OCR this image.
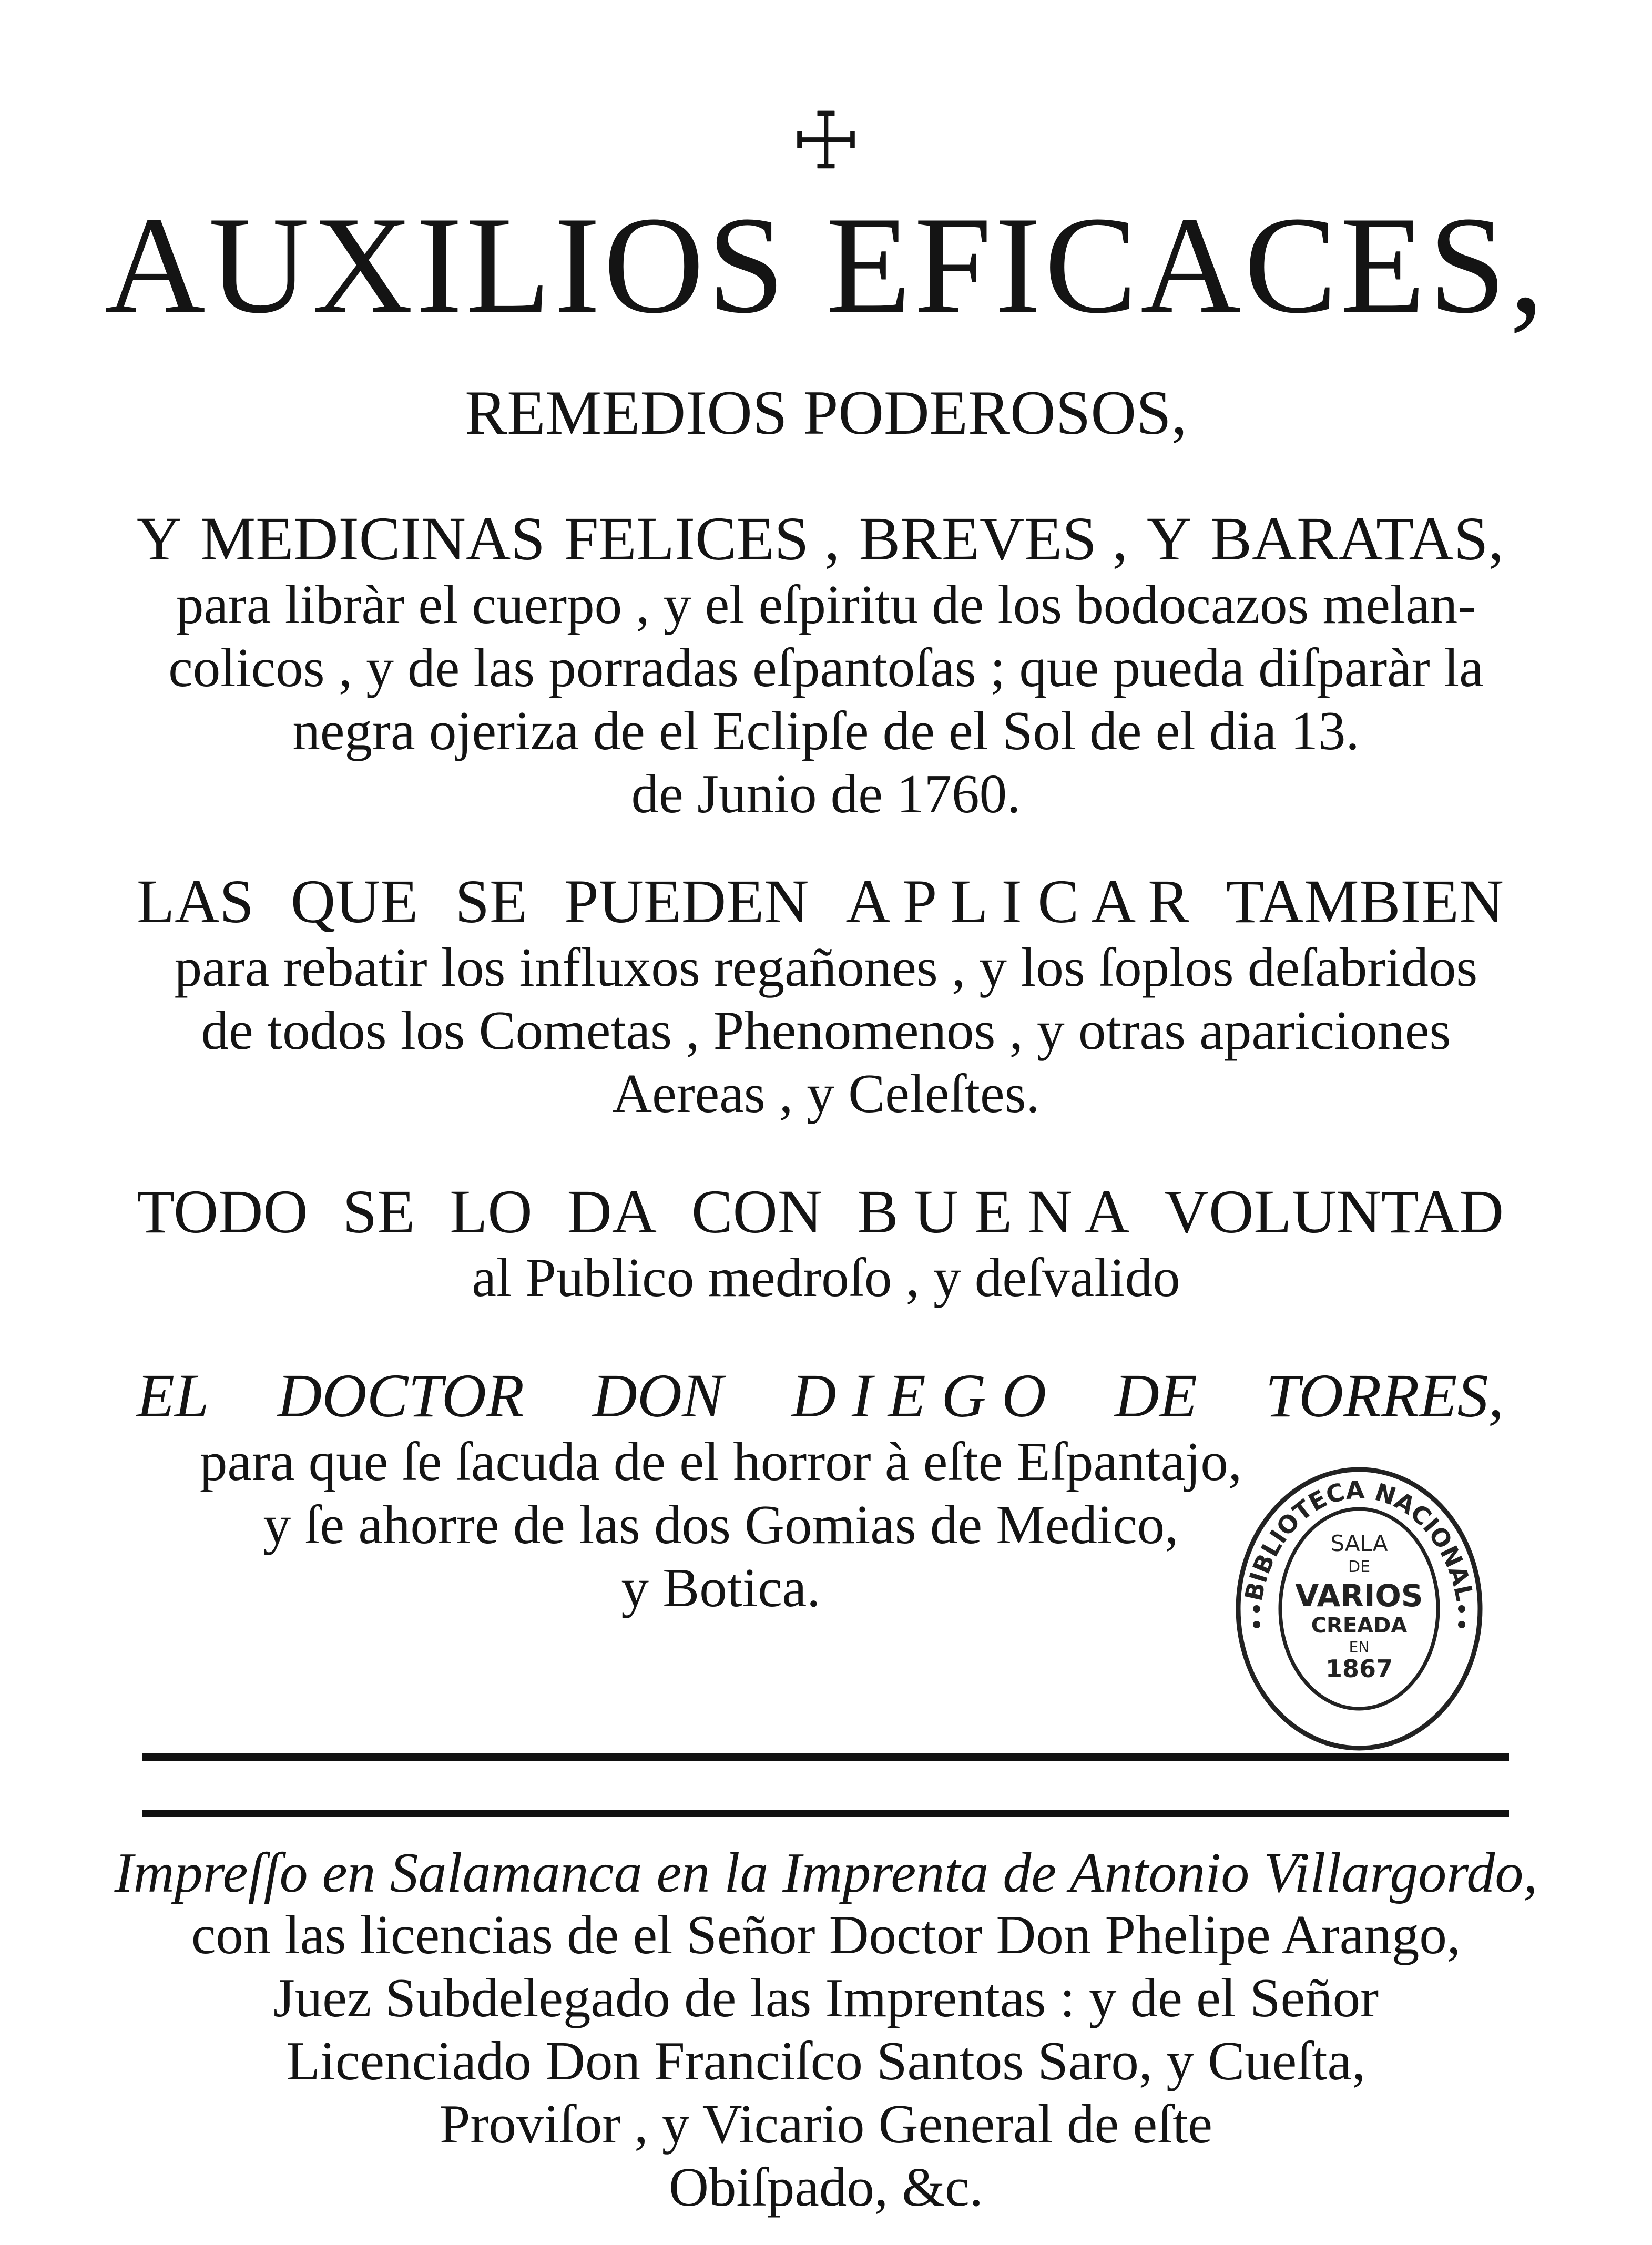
☩
AUXILIOS EFICACES,
REMEDIOS PODEROSOS,
Y MEDICINAS FELICES , BREVES , Y BARATAS,
para libràr el cuerpo , y el eſpiritu de los bodocazos melan-
colicos , y de las porradas eſpantoſas ; que pueda diſparàr la
negra ojeriza de el Eclipſe de el Sol de el dia 13.
de Junio de 1760.
LAS QUE SE PUEDEN A P L I C A R TAMBIEN
para rebatir los influxos regañones , y los ſoplos deſabridos
de todos los Cometas , Phenomenos , y otras apariciones
Aereas , y Celeſtes.
TODO SE LO DA CON B U E N A VOLUNTAD
al Publico medroſo , y deſvalido
EL DOCTOR DON D I E G O DE TORRES,
para que ſe ſacuda de el horror à eſte Eſpantajo,
y ſe ahorre de las dos Gomias de Medico,
y Botica.	BIBLIOTECA NACIONAL
SALA
DE
VARIOS
CREADA
EN
1867
Impreſſo en Salamanca en la Imprenta de Antonio Villargordo,
con las licencias de el Señor Doctor Don Phelipe Arango,
Juez Subdelegado de las Imprentas : y de el Señor
Licenciado Don Franciſco Santos Saro, y Cueſta,
Proviſor , y Vicario General de eſte
Obiſpado, &c.
